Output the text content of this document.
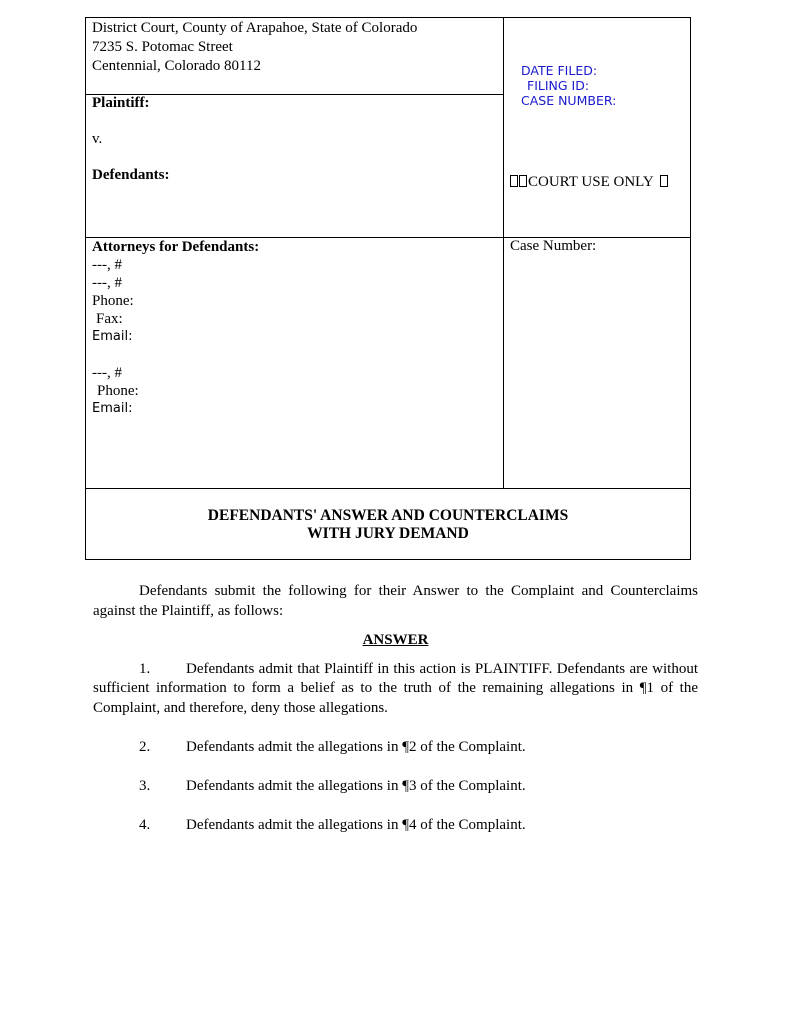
District Court, County of Arapahoe, State of Colorado
7235 S. Potomac Street
Centennial, Colorado 80112
Plaintiff:
v.
Defendants:
DATE FILED:
FILING ID:
CASE NUMBER:
COURT USE ONLY
Attorneys for Defendants:
---, #
---, #
Phone:
Fax:
Email:
---, #
Phone:
Email:
Case Number:
DEFENDANTS' ANSWER AND COUNTERCLAIMS
WITH JURY DEMAND

Defendants submit the following for their Answer to the Complaint and Counterclaims against the Plaintiff, as follows:

ANSWER

1.	Defendants admit that Plaintiff in this action is PLAINTIFF. Defendants are without sufficient information to form a belief as to the truth of the remaining allegations in ¶1 of the Complaint, and therefore, deny those allegations.
2.	Defendants admit the allegations in ¶2 of the Complaint.
3.	Defendants admit the allegations in ¶3 of the Complaint.
4.	Defendants admit the allegations in ¶4 of the Complaint.
